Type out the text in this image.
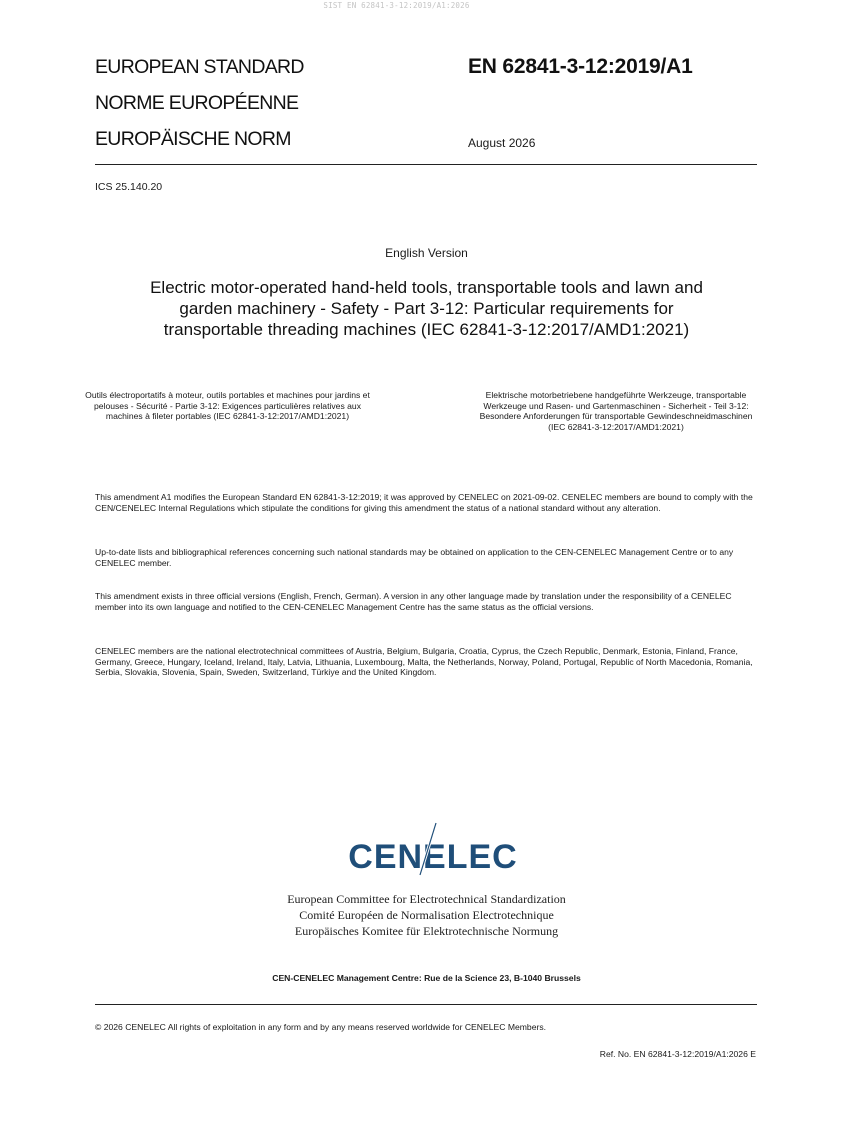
SIST EN 62841-3-12:2019/A1:2026
EUROPEAN STANDARD
NORME EUROPÉENNE
EUROPÄISCHE NORM
EN 62841-3-12:2019/A1
August 2026
ICS 25.140.20
English Version
Electric motor-operated hand-held tools, transportable tools and lawn and garden machinery - Safety - Part 3-12: Particular requirements for transportable threading machines (IEC 62841-3-12:2017/AMD1:2021)
Outils électroportatifs à moteur, outils portables et machines pour jardins et pelouses - Sécurité - Partie 3-12: Exigences particulières relatives aux machines à fileter portables (IEC 62841-3-12:2017/AMD1:2021)
Elektrische motorbetriebene handgeführte Werkzeuge, transportable Werkzeuge und Rasen- und Gartenmaschinen - Sicherheit - Teil 3-12: Besondere Anforderungen für transportable Gewindeschneidmaschinen (IEC 62841-3-12:2017/AMD1:2021)
This amendment A1 modifies the European Standard EN 62841-3-12:2019; it was approved by CENELEC on 2021-09-02. CENELEC members are bound to comply with the CEN/CENELEC Internal Regulations which stipulate the conditions for giving this amendment the status of a national standard without any alteration.
Up-to-date lists and bibliographical references concerning such national standards may be obtained on application to the CEN-CENELEC Management Centre or to any CENELEC member.
This amendment exists in three official versions (English, French, German). A version in any other language made by translation under the responsibility of a CENELEC member into its own language and notified to the CEN-CENELEC Management Centre has the same status as the official versions.
CENELEC members are the national electrotechnical committees of Austria, Belgium, Bulgaria, Croatia, Cyprus, the Czech Republic, Denmark, Estonia, Finland, France, Germany, Greece, Hungary, Iceland, Ireland, Italy, Latvia, Lithuania, Luxembourg, Malta, the Netherlands, Norway, Poland, Portugal, Republic of North Macedonia, Romania, Serbia, Slovakia, Slovenia, Spain, Sweden, Switzerland, Türkiye and the United Kingdom.
CENELEC
European Committee for Electrotechnical Standardization
Comité Européen de Normalisation Electrotechnique
Europäisches Komitee für Elektrotechnische Normung
CEN-CENELEC Management Centre: Rue de la Science 23, B-1040 Brussels
© 2026 CENELEC All rights of exploitation in any form and by any means reserved worldwide for CENELEC Members.
Ref. No. EN 62841-3-12:2019/A1:2026 E
